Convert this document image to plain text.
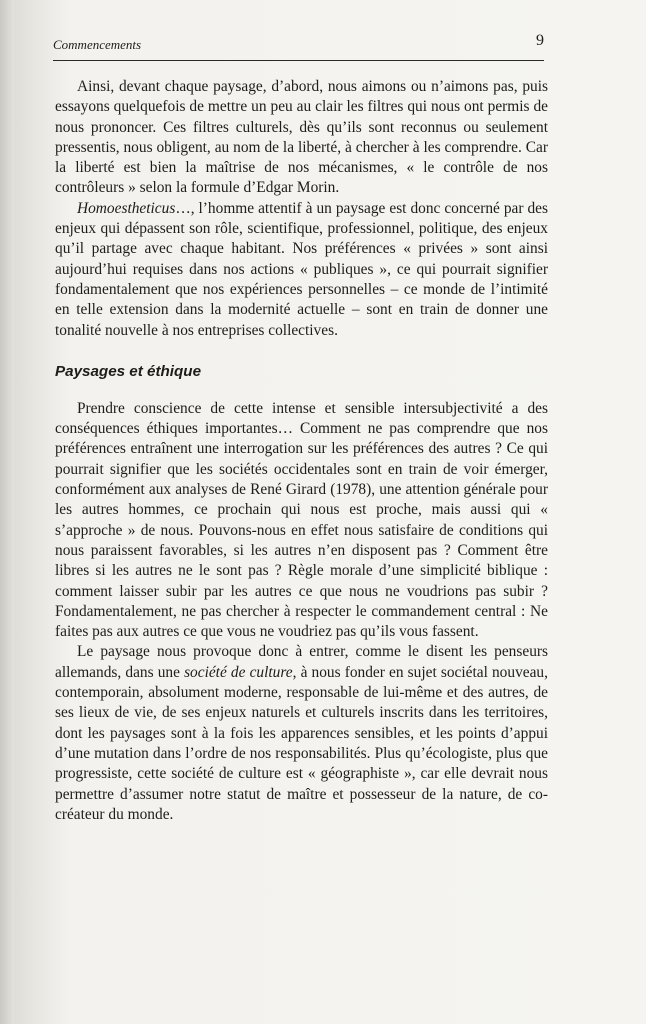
Commencements	9

Ainsi, devant chaque paysage, d’abord, nous aimons ou n’aimons pas, puis essayons quelquefois de mettre un peu au clair les filtres qui nous ont permis de nous prononcer. Ces filtres culturels, dès qu’ils sont reconnus ou seulement pressentis, nous obligent, au nom de la liberté, à chercher à les comprendre. Car la liberté est bien la maîtrise de nos mécanismes, « le contrôle de nos contrôleurs » selon la formule d’Edgar Morin.

Homoestheticus…, l’homme attentif à un paysage est donc concerné par des enjeux qui dépassent son rôle, scientifique, professionnel, politique, des enjeux qu’il partage avec chaque habitant. Nos préférences « privées » sont ainsi aujourd’hui requises dans nos actions « publiques », ce qui pourrait signifier fondamentalement que nos expériences personnelles – ce monde de l’intimité en telle extension dans la modernité actuelle – sont en train de donner une tonalité nouvelle à nos entreprises collectives.

Paysages et éthique

Prendre conscience de cette intense et sensible intersubjectivité a des conséquences éthiques importantes… Comment ne pas comprendre que nos préférences entraînent une interrogation sur les préférences des autres ? Ce qui pourrait signifier que les sociétés occidentales sont en train de voir émerger, conformément aux analyses de René Girard (1978), une attention générale pour les autres hommes, ce prochain qui nous est proche, mais aussi qui « s’approche » de nous. Pouvons-nous en effet nous satisfaire de conditions qui nous paraissent favorables, si les autres n’en disposent pas ? Comment être libres si les autres ne le sont pas ? Règle morale d’une simplicité biblique : comment laisser subir par les autres ce que nous ne voudrions pas subir ? Fondamentalement, ne pas chercher à respecter le commandement central : Ne faites pas aux autres ce que vous ne voudriez pas qu’ils vous fassent.

Le paysage nous provoque donc à entrer, comme le disent les penseurs allemands, dans une société de culture, à nous fonder en sujet sociétal nouveau, contemporain, absolument moderne, responsable de lui-même et des autres, de ses lieux de vie, de ses enjeux naturels et culturels inscrits dans les territoires, dont les paysages sont à la fois les apparences sensibles, et les points d’appui d’une mutation dans l’ordre de nos responsabilités. Plus qu’écologiste, plus que progressiste, cette société de culture est « géographiste », car elle devrait nous permettre d’assumer notre statut de maître et possesseur de la nature, de co-créateur du monde.
